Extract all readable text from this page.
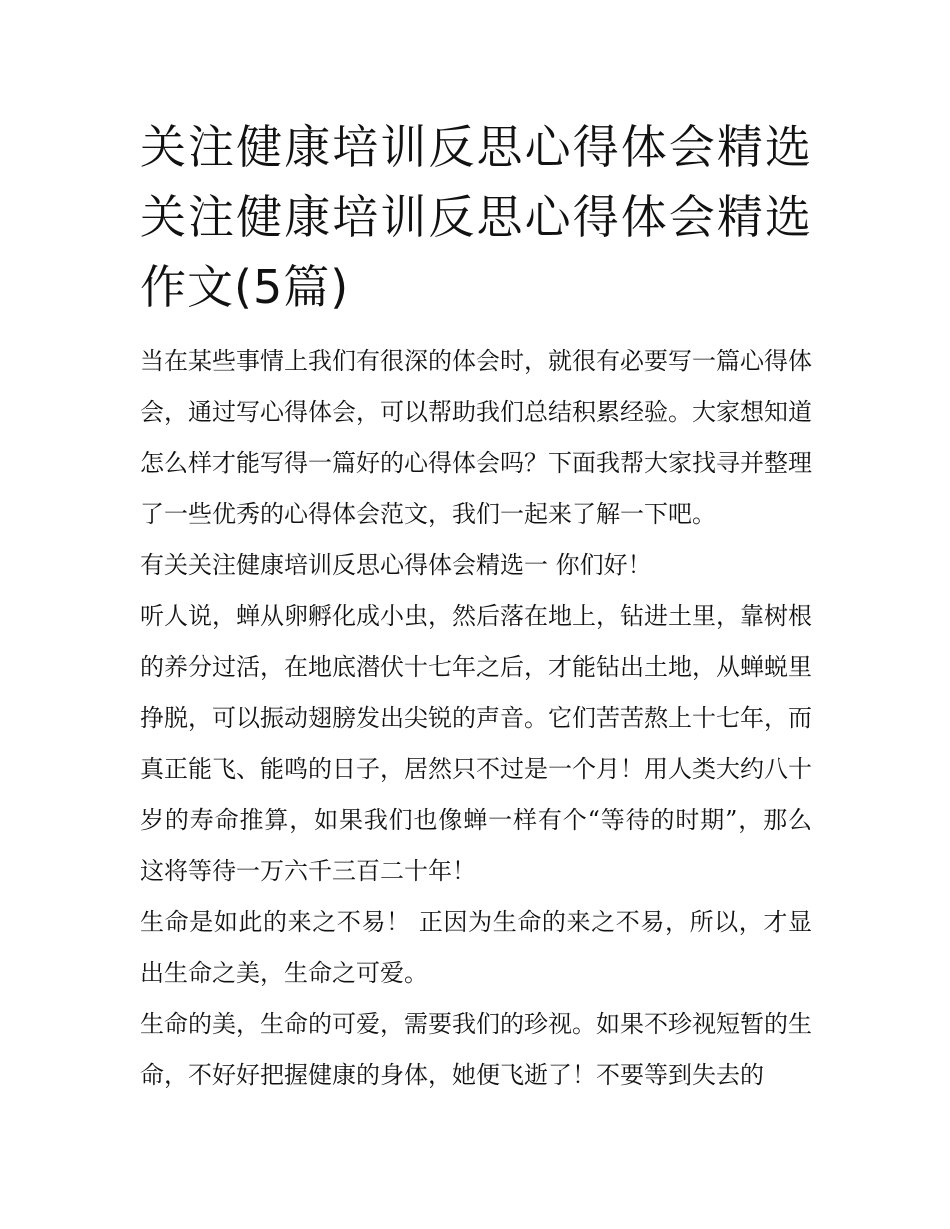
关注健康培训反思心得体会精选 关注健康培训反思心得体会精选作文(5篇)

当在某些事情上我们有很深的体会时，就很有必要写一篇心得体会，通过写心得体会，可以帮助我们总结积累经验。大家想知道怎么样才能写得一篇好的心得体会吗？下面我帮大家找寻并整理了一些优秀的心得体会范文，我们一起来了解一下吧。

有关关注健康培训反思心得体会精选一 你们好！

听人说，蝉从卵孵化成小虫，然后落在地上，钻进土里，靠树根的养分过活，在地底潜伏十七年之后，才能钻出土地，从蝉蜕里挣脱，可以振动翅膀发出尖锐的声音。它们苦苦熬上十七年，而真正能飞、能鸣的日子，居然只不过是一个月！用人类大约八十岁的寿命推算，如果我们也像蝉一样有个“等待的时期”，那么这将等待一万六千三百二十年！

生命是如此的来之不易！ 正因为生命的来之不易，所以，才显出生命之美，生命之可爱。

生命的美，生命的可爱，需要我们的珍视。如果不珍视短暂的生命，不好好把握健康的身体，她便飞逝了！不要等到失去的
